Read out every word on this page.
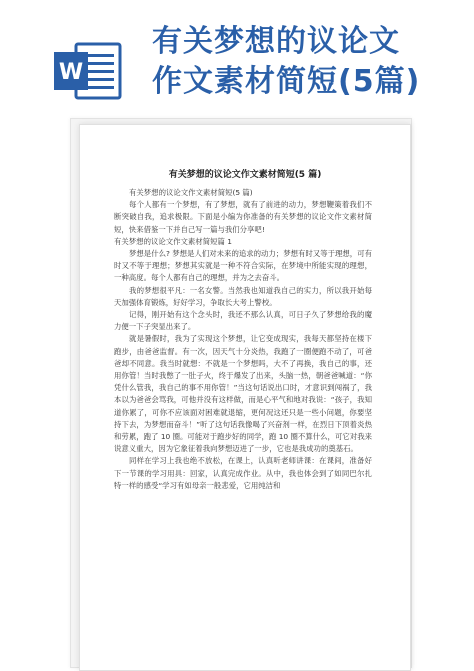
W
有关梦想的议论文
作文素材简短(5篇)
有关梦想的议论文作文素材简短(5 篇)

有关梦想的议论文作文素材简短(5 篇)

每个人都有一个梦想，有了梦想，就有了前进的动力，梦想鞭策着我们不断突破自我，追求极限。下面是小编为你准备的有关梦想的议论文作文素材简短，快来借鉴一下并自己写一篇与我们分享吧!

有关梦想的议论文作文素材简短篇 1

梦想是什么? 梦想是人们对未来的追求的动力；梦想有时又等于理想，可有时又不等于理想；梦想其实就是一种不符合实际，在梦境中所能实现的理想，一种高度。每个人都有自己的理想，并为之去奋斗。

我的梦想很平凡：一名女警。当然我也知道我自己的实力，所以我开始每天加强体育锻炼，好好学习，争取长大考上警校。

记得，刚开始有这个念头时，我还不那么认真，可日子久了梦想给我的魔力便一下子突显出来了。

就是暑假时，我为了实现这个梦想，让它变成现实，我每天都坚持在楼下跑步，由爸爸监督。有一次，因天气十分炎热，我跑了一圈便跑不动了，可爸爸却不同意。我当时就想：不就是一个梦想吗，大不了再换，我自己的事，还用你管！当时我憋了一肚子火，终于爆发了出来，头脑一热，朝爸爸喊道：“你凭什么管我，我自己的事不用你管！”当这句话说出口时，才意识到闯祸了，我本以为爸爸会骂我，可他并没有这样做，而是心平气和地对我说：“孩子，我知道你累了，可你不应该面对困难就退缩，更何况这还只是一些小问题，你要坚持下去，为梦想而奋斗！”听了这句话我像喝了兴奋剂一样，在烈日下顶着炎热和劳累，跑了 10 圈。可能对于跑步好的同学，跑 10 圈不算什么，可它对我来说意义重大，因为它象征着我向梦想迈进了一步，它也是我成功的奠基石。

同样在学习上我也绝不放松，在课上，认真听老师讲课：在课间，准备好下一节课的学习用具：回家，认真完成作业。从中，我也体会到了如同巴尔扎特一样的感受“学习有如母亲一般悲爱，它用纯洁和
